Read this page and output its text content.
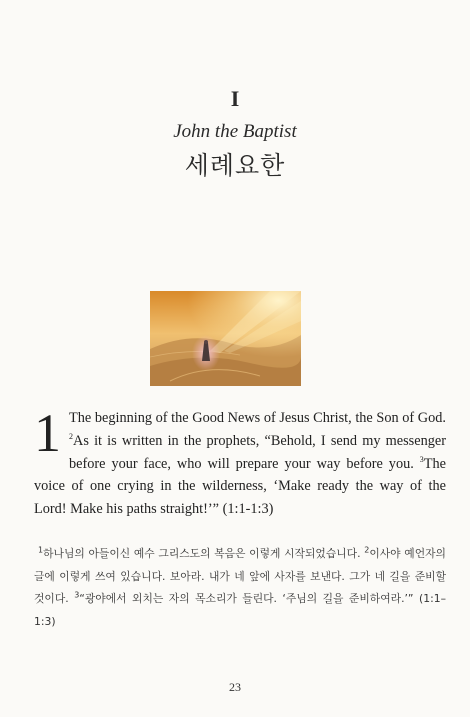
I
John the Baptist
세례요한
1 The beginning of the Good News of Jesus Christ, the Son of God. $^2$As it is written in the prophets, “Behold, I send my messenger before your face, who will prepare your way before you. $^3$The voice of one crying in the wilderness, ‘Make ready the way of the Lord! Make his paths straight!’” (1:1-1:3)
$^1$하나님의 아들이신 예수 그리스도의 복음은 이렇게 시작되었습니다. $^2$이사야 예언자의 글에 이렇게 쓰여 있습니다. 보아라. 내가 네 앞에 사자를 보낸다. 그가 네 길을 준비할 것이다. $^3$“광야에서 외치는 자의 목소리가 들린다. ‘주님의 길을 준비하여라.’” (1:1–1:3)
23
